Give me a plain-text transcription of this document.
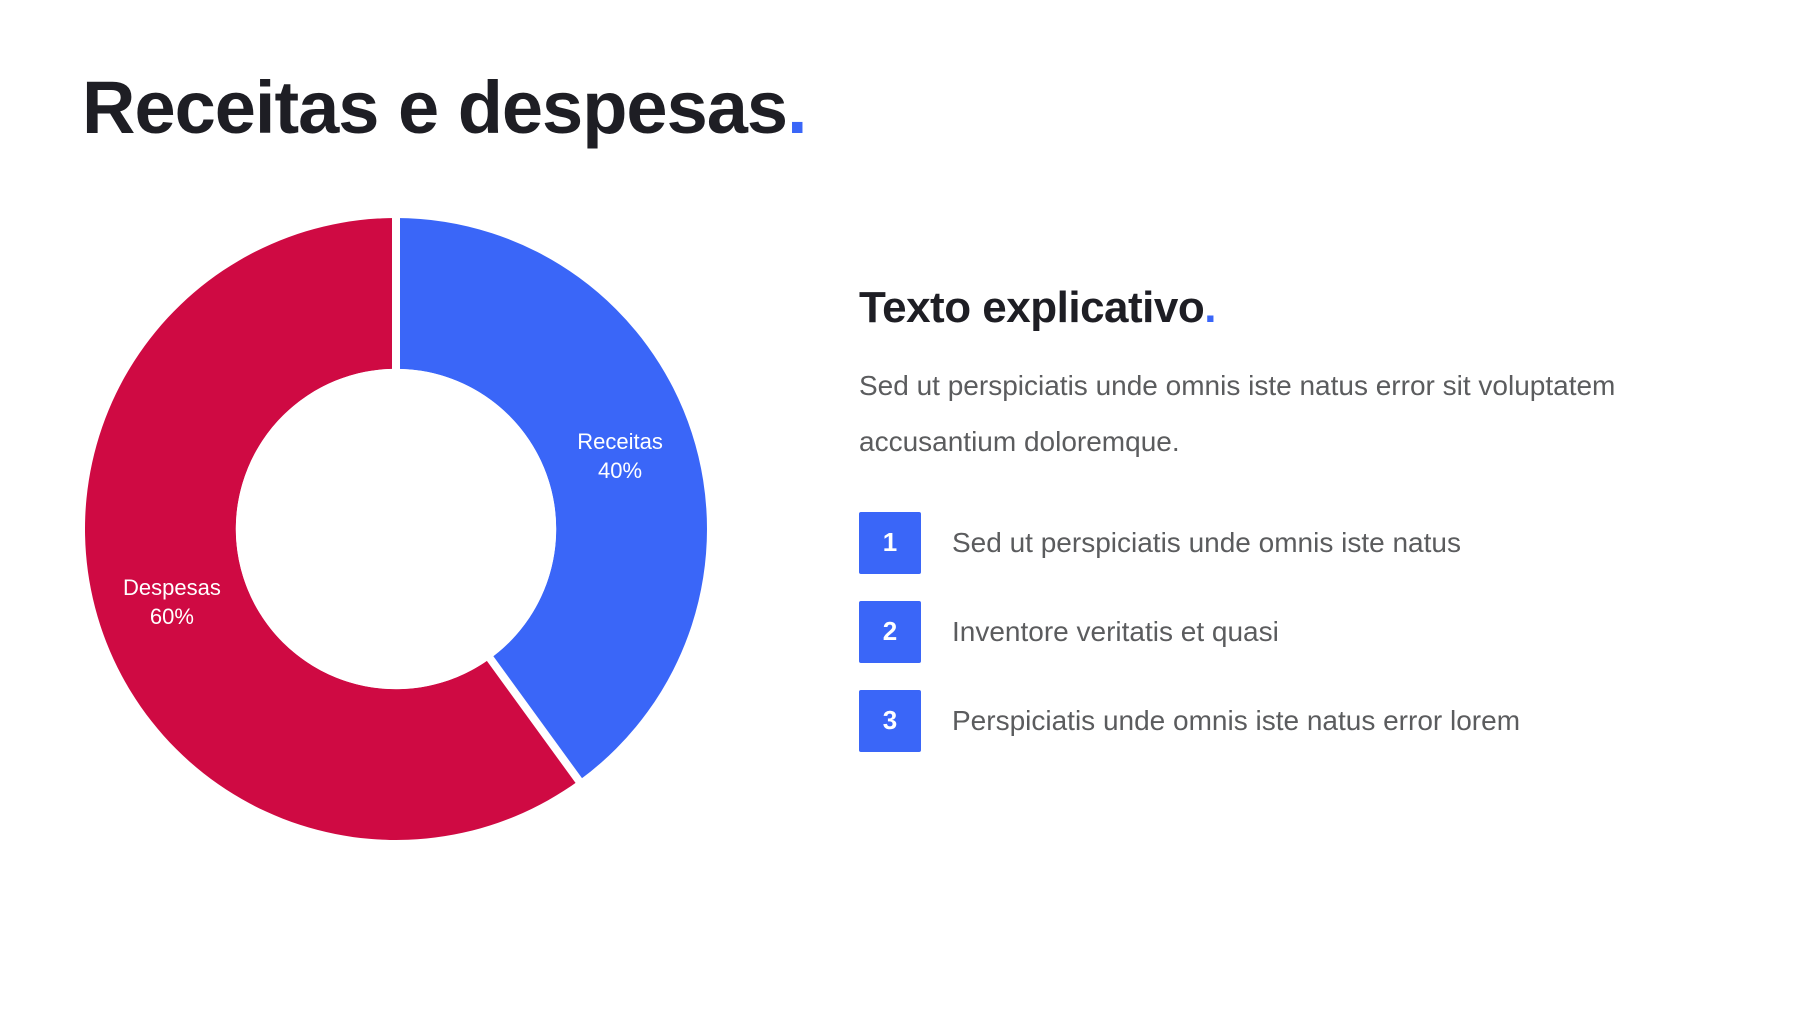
Receitas e despesas.
Receitas
40%
Despesas
60%
Texto explicativo.

Sed ut perspiciatis unde omnis iste natus error sit voluptatem accusantium doloremque.

1	Sed ut perspiciatis unde omnis iste natus
2	Inventore veritatis et quasi
3	Perspiciatis unde omnis iste natus error lorem
